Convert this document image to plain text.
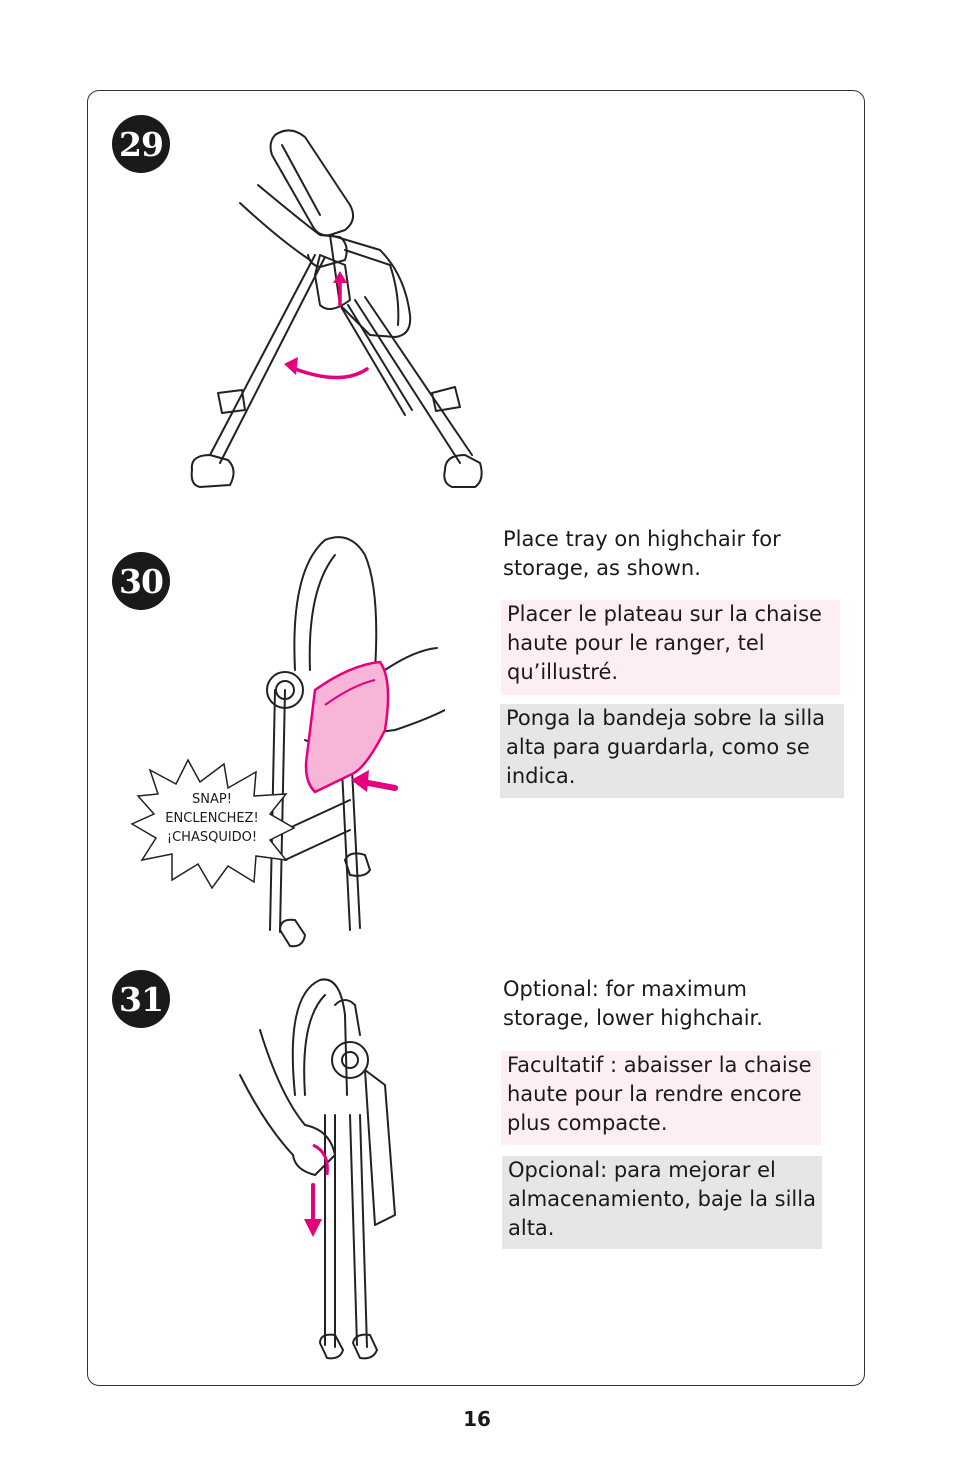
29
30
SNAP!
ENCLENCHEZ!
¡CHASQUIDO!
Place tray on highchair for storage, as shown.
Placer le plateau sur la chaise haute pour le ranger, tel qu’illustré.
Ponga la bandeja sobre la silla alta para guardarla, como se indica.
31	Optional: for maximum storage, lower highchair.
Facultatif : abaisser la chaise haute pour la rendre encore plus compacte.
Opcional: para mejorar el almacenamiento, baje la silla alta.
16
